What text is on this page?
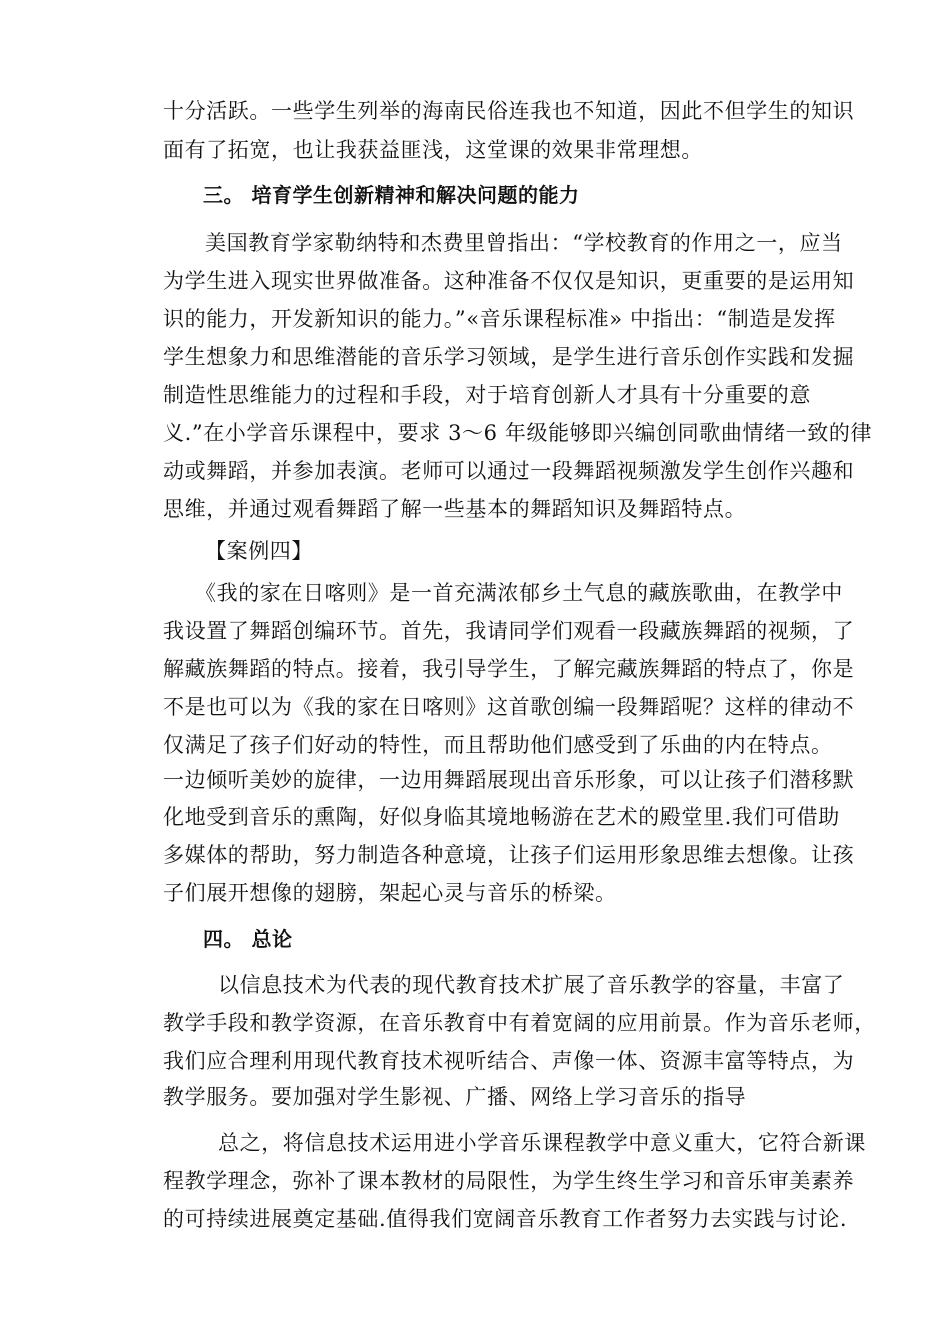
十分活跃。一些学生列举的海南民俗连我也不知道，因此不但学生的知识
面有了拓宽，也让我获益匪浅，这堂课的效果非常理想。
三。 培育学生创新精神和解决问题的能力
美国教育学家勒纳特和杰费里曾指出：“学校教育的作用之一，应当
为学生进入现实世界做准备。这种准备不仅仅是知识，更重要的是运用知
识的能力，开发新知识的能力。”«音乐课程标准» 中指出：“制造是发挥
学生想象力和思维潜能的音乐学习领域，是学生进行音乐创作实践和发掘
制造性思维能力的过程和手段，对于培育创新人才具有十分重要的意
义.”在小学音乐课程中，要求 3～6 年级能够即兴编创同歌曲情绪一致的律
动或舞蹈，并参加表演。老师可以通过一段舞蹈视频激发学生创作兴趣和
思维，并通过观看舞蹈了解一些基本的舞蹈知识及舞蹈特点。
【案例四】
《我的家在日喀则》是一首充满浓郁乡土气息的藏族歌曲，在教学中
我设置了舞蹈创编环节。首先，我请同学们观看一段藏族舞蹈的视频，了
解藏族舞蹈的特点。接着，我引导学生，了解完藏族舞蹈的特点了，你是
不是也可以为《我的家在日喀则》这首歌创编一段舞蹈呢？这样的律动不
仅满足了孩子们好动的特性，而且帮助他们感受到了乐曲的内在特点。
一边倾听美妙的旋律，一边用舞蹈展现出音乐形象，可以让孩子们潜移默
化地受到音乐的熏陶，好似身临其境地畅游在艺术的殿堂里.我们可借助
多媒体的帮助，努力制造各种意境，让孩子们运用形象思维去想像。让孩
子们展开想像的翅膀，架起心灵与音乐的桥梁。
四。 总论
以信息技术为代表的现代教育技术扩展了音乐教学的容量，丰富了
教学手段和教学资源，在音乐教育中有着宽阔的应用前景。作为音乐老师，
我们应合理利用现代教育技术视听结合、声像一体、资源丰富等特点，为
教学服务。要加强对学生影视、广播、网络上学习音乐的指导
总之，将信息技术运用进小学音乐课程教学中意义重大，它符合新课
程教学理念，弥补了课本教材的局限性，为学生终生学习和音乐审美素养
的可持续进展奠定基础.值得我们宽阔音乐教育工作者努力去实践与讨论.
